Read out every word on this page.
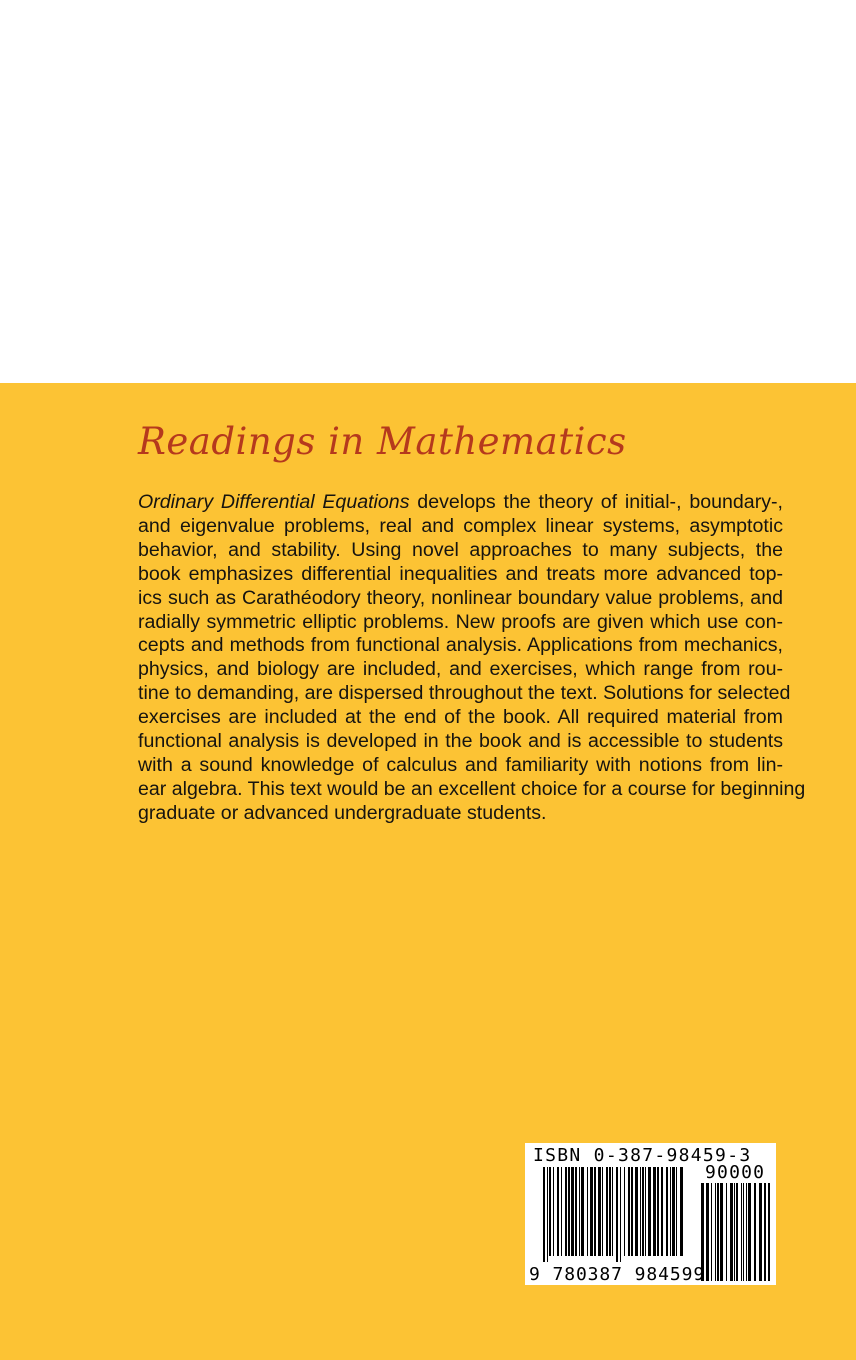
Readings in Mathematics

Ordinary Differential Equations develops the theory of initial-, boundary-,
and eigenvalue problems, real and complex linear systems, asymptotic
behavior, and stability. Using novel approaches to many subjects, the
book emphasizes differential inequalities and treats more advanced top-
ics such as Carathéodory theory, nonlinear boundary value problems, and
radially symmetric elliptic problems. New proofs are given which use con-
cepts and methods from functional analysis. Applications from mechanics,
physics, and biology are included, and exercises, which range from rou-
tine to demanding, are dispersed throughout the text. Solutions for selected
exercises are included at the end of the book. All required material from
functional analysis is developed in the book and is accessible to students
with a sound knowledge of calculus and familiarity with notions from lin-
ear algebra. This text would be an excellent choice for a course for beginning
graduate or advanced undergraduate students.

ISBN 0-387-98459-3
90000
9 780387 984599
